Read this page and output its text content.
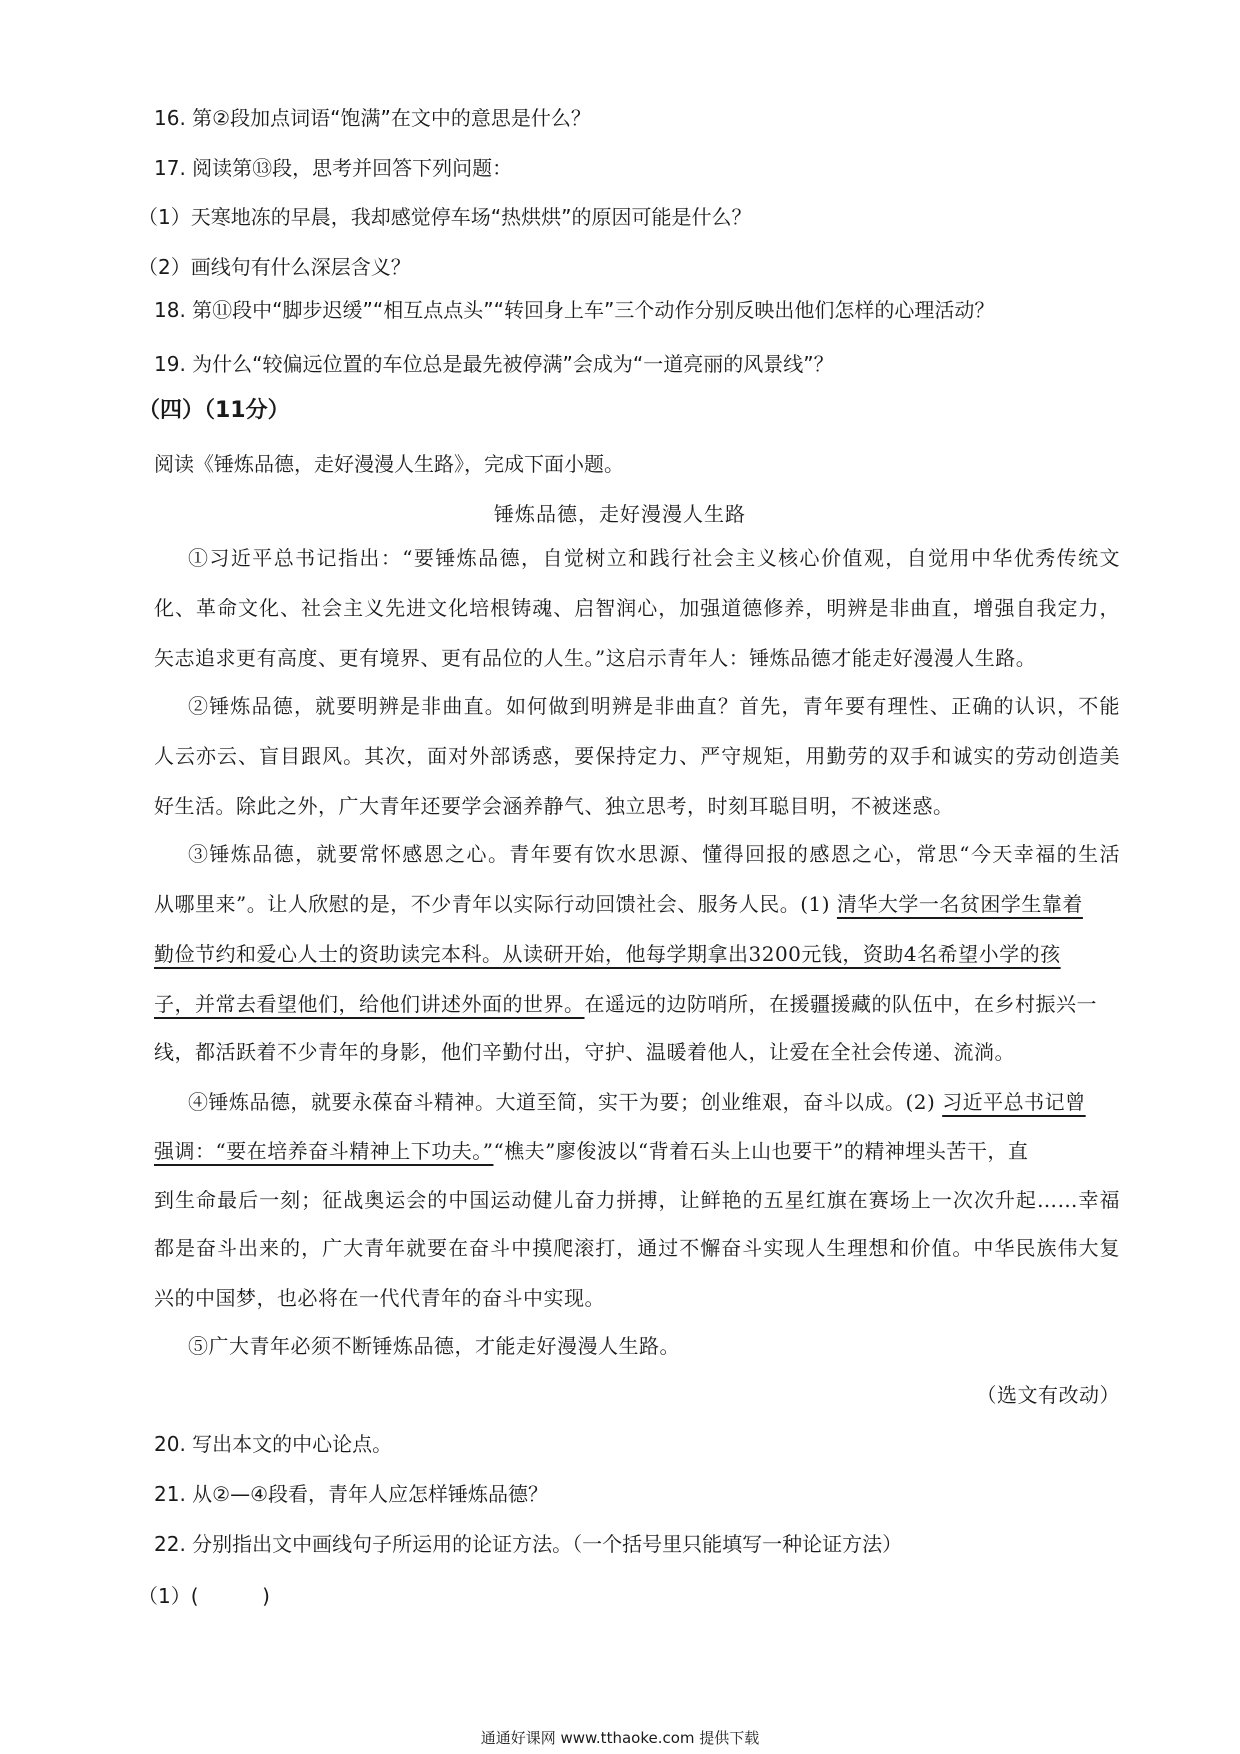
16. 第②段加点词语“饱满”在文中的意思是什么？
17. 阅读第⑬段，思考并回答下列问题：
（1）天寒地冻的早晨，我却感觉停车场“热烘烘”的原因可能是什么？
（2）画线句有什么深层含义？
18. 第⑪段中“脚步迟缓”“相互点点头”“转回身上车”三个动作分别反映出他们怎样的心理活动？
19. 为什么“较偏远位置的车位总是最先被停满”会成为“一道亮丽的风景线”？
（四）（11分）
阅读《锤炼品德，走好漫漫人生路》，完成下面小题。
锤炼品德，走好漫漫人生路
①习近平总书记指出：“要锤炼品德，自觉树立和践行社会主义核心价值观，自觉用中华优秀传统文
化、革命文化、社会主义先进文化培根铸魂、启智润心，加强道德修养，明辨是非曲直，增强自我定力，
矢志追求更有高度、更有境界、更有品位的人生。”这启示青年人：锤炼品德才能走好漫漫人生路。
②锤炼品德，就要明辨是非曲直。如何做到明辨是非曲直？首先，青年要有理性、正确的认识，不能
人云亦云、盲目跟风。其次，面对外部诱惑，要保持定力、严守规矩，用勤劳的双手和诚实的劳动创造美
好生活。除此之外，广大青年还要学会涵养静气、独立思考，时刻耳聪目明，不被迷惑。
③锤炼品德，就要常怀感恩之心。青年要有饮水思源、懂得回报的感恩之心，常思“今天幸福的生活
从哪里来”。让人欣慰的是，不少青年以实际行动回馈社会、服务人民。(1) 清华大学一名贫困学生靠着
勤俭节约和爱心人士的资助读完本科。从读研开始，他每学期拿出3200元钱，资助4名希望小学的孩
子，并常去看望他们，给他们讲述外面的世界。在遥远的边防哨所，在援疆援藏的队伍中，在乡村振兴一
线，都活跃着不少青年的身影，他们辛勤付出，守护、温暖着他人，让爱在全社会传递、流淌。
④锤炼品德，就要永葆奋斗精神。大道至简，实干为要；创业维艰，奋斗以成。(2) 习近平总书记曾
强调：“要在培养奋斗精神上下功夫。”“樵夫”廖俊波以“背着石头上山也要干”的精神埋头苦干，直
到生命最后一刻；征战奥运会的中国运动健儿奋力拼搏，让鲜艳的五星红旗在赛场上一次次升起……幸福
都是奋斗出来的，广大青年就要在奋斗中摸爬滚打，通过不懈奋斗实现人生理想和价值。中华民族伟大复
兴的中国梦，也必将在一代代青年的奋斗中实现。
⑤广大青年必须不断锤炼品德，才能走好漫漫人生路。
（选文有改动）
20. 写出本文的中心论点。
21. 从②—④段看，青年人应怎样锤炼品德？
22. 分别指出文中画线句子所运用的论证方法。（一个括号里只能填写一种论证方法）
（1）(          )
通通好课网 www.tthaoke.com 提供下载
